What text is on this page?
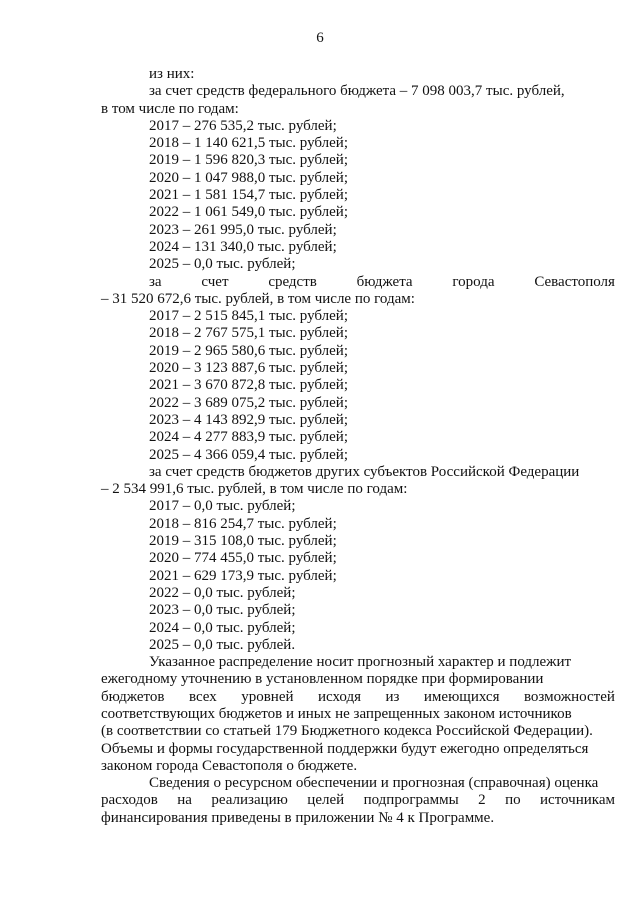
6
из них:
за счет средств федерального бюджета – 7 098 003,7 тыс. рублей,
в том числе по годам:
2017 – 276 535,2 тыс. рублей;
2018 – 1 140 621,5 тыс. рублей;
2019 – 1 596 820,3 тыс. рублей;
2020 – 1 047 988,0 тыс. рублей;
2021 – 1 581 154,7 тыс. рублей;
2022 – 1 061 549,0 тыс. рублей;
2023 – 261 995,0 тыс. рублей;
2024 – 131 340,0 тыс. рублей;
2025 – 0,0 тыс. рублей;
за	счет	средств	бюджета	города	Севастополя
– 31 520 672,6 тыс. рублей, в том числе по годам:
2017 – 2 515 845,1 тыс. рублей;
2018 – 2 767 575,1 тыс. рублей;
2019 – 2 965 580,6 тыс. рублей;
2020 – 3 123 887,6 тыс. рублей;
2021 – 3 670 872,8 тыс. рублей;
2022 – 3 689 075,2 тыс. рублей;
2023 – 4 143 892,9 тыс. рублей;
2024 – 4 277 883,9 тыс. рублей;
2025 – 4 366 059,4 тыс. рублей;
за счет средств бюджетов других субъектов Российской Федерации
– 2 534 991,6 тыс. рублей, в том числе по годам:
2017 – 0,0 тыс. рублей;
2018 – 816 254,7 тыс. рублей;
2019 – 315 108,0 тыс. рублей;
2020 – 774 455,0 тыс. рублей;
2021 – 629 173,9 тыс. рублей;
2022 – 0,0 тыс. рублей;
2023 – 0,0 тыс. рублей;
2024 – 0,0 тыс. рублей;
2025 – 0,0 тыс. рублей.
Указанное распределение носит прогнозный характер и подлежит
ежегодному уточнению в установленном порядке при формировании
бюджетов всех уровней исходя из имеющихся возможностей
соответствующих бюджетов и иных не запрещенных законом источников
(в соответствии со статьей 179 Бюджетного кодекса Российской Федерации).
Объемы и формы государственной поддержки будут ежегодно определяться
законом города Севастополя о бюджете.
Сведения о ресурсном обеспечении и прогнозная (справочная) оценка
расходов на реализацию целей подпрограммы 2 по источникам
финансирования приведены в приложении № 4 к Программе.
